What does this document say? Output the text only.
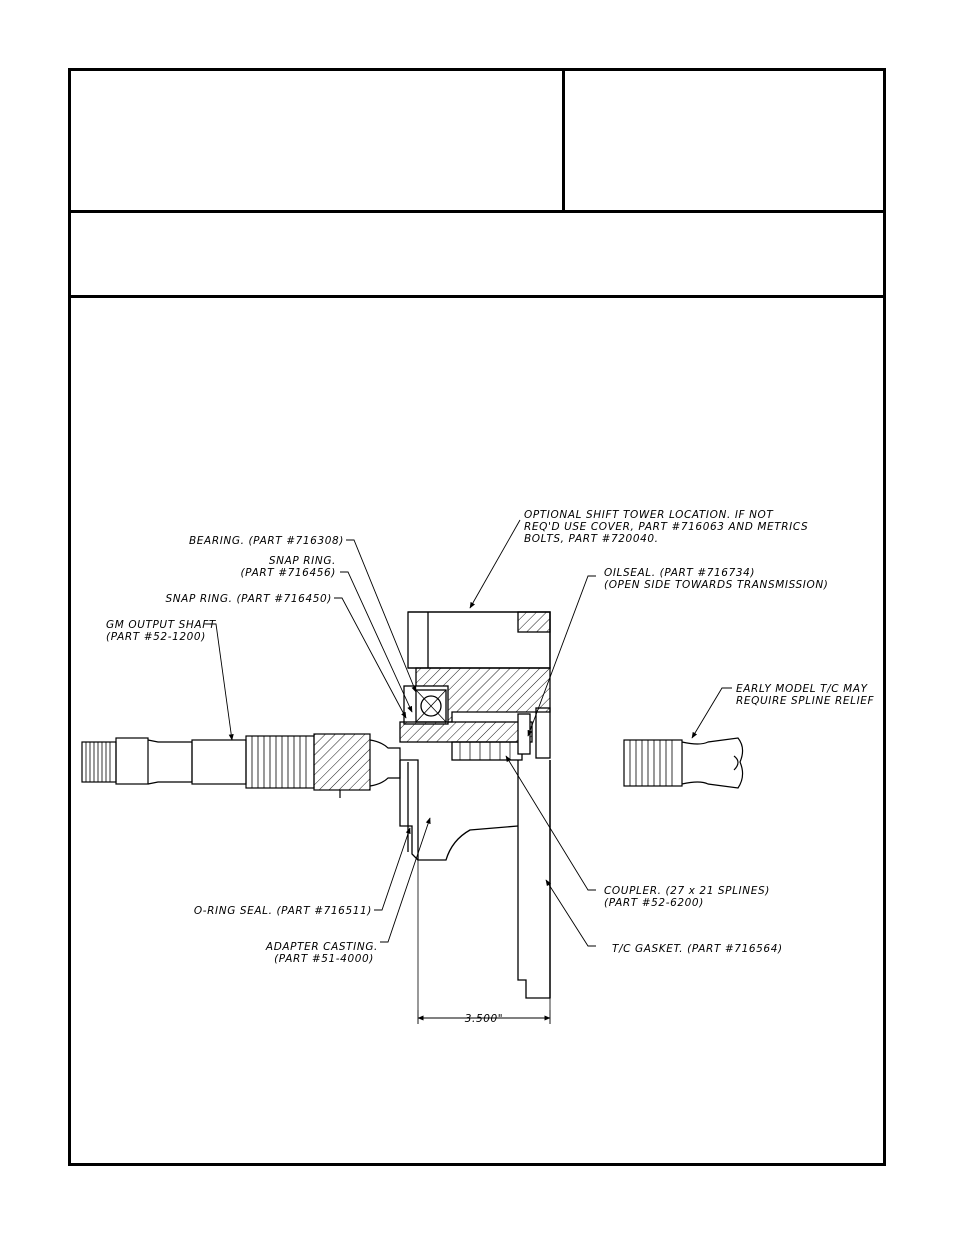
OPTIONAL SHIFT TOWER LOCATION. IF NOT
REQ'D USE COVER, PART #716063 AND METRICS
BOLTS, PART #720040.
BEARING. (PART #716308)
SNAP RING.
(PART #716456)
SNAP RING. (PART #716450)
OILSEAL. (PART #716734)
(OPEN SIDE TOWARDS TRANSMISSION)
GM OUTPUT SHAFT
(PART #52-1200)
EARLY MODEL T/C MAY
REQUIRE SPLINE RELIEF
O-RING SEAL. (PART #716511)
ADAPTER CASTING.
(PART #51-4000)
COUPLER. (27 x 21 SPLINES)
(PART #52-6200)
T/C GASKET. (PART #716564)
3.500"
